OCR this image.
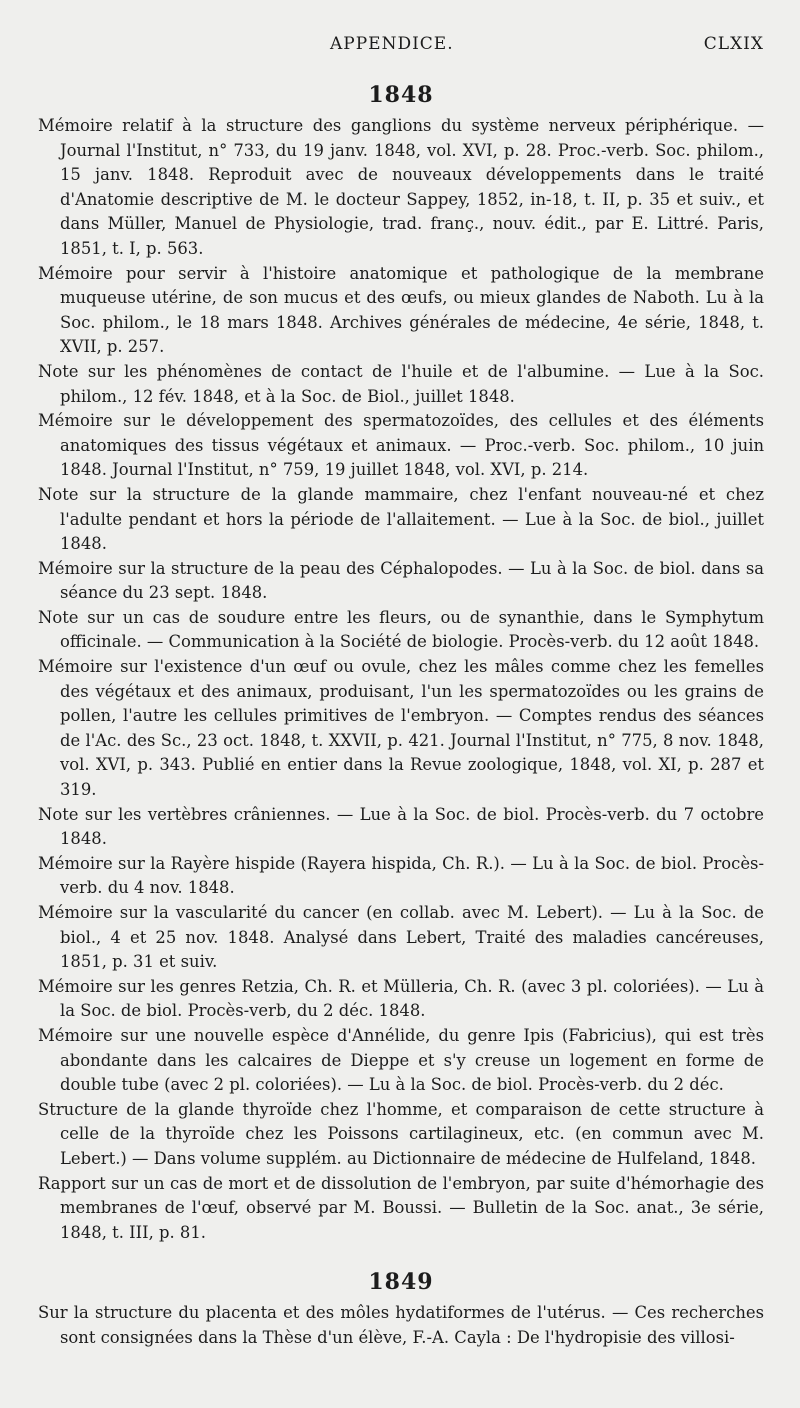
APPENDICE.	CLXIX
1848

Mémoire relatif à la structure des ganglions du système nerveux périphérique. — Journal l'Institut, n° 733, du 19 janv. 1848, vol. XVI, p. 28. Proc.-verb. Soc. philom., 15 janv. 1848. Reproduit avec de nouveaux développements dans le traité d'Anatomie descriptive de M. le docteur Sappey, 1852, in-18, t. II, p. 35 et suiv., et dans Müller, Manuel de Physiologie, trad. franç., nouv. édit., par E. Littré. Paris, 1851, t. I, p. 563.

Mémoire pour servir à l'histoire anatomique et pathologique de la membrane muqueuse utérine, de son mucus et des œufs, ou mieux glandes de Naboth. Lu à la Soc. philom., le 18 mars 1848. Archives générales de médecine, 4e série, 1848, t. XVII, p. 257.

Note sur les phénomènes de contact de l'huile et de l'albumine. — Lue à la Soc. philom., 12 fév. 1848, et à la Soc. de Biol., juillet 1848.

Mémoire sur le développement des spermatozoïdes, des cellules et des éléments anatomiques des tissus végétaux et animaux. — Proc.-verb. Soc. philom., 10 juin 1848. Journal l'Institut, n° 759, 19 juillet 1848, vol. XVI, p. 214.

Note sur la structure de la glande mammaire, chez l'enfant nouveau-né et chez l'adulte pendant et hors la période de l'allaitement. — Lue à la Soc. de biol., juillet 1848.

Mémoire sur la structure de la peau des Céphalopodes. — Lu à la Soc. de biol. dans sa séance du 23 sept. 1848.

Note sur un cas de soudure entre les fleurs, ou de synanthie, dans le Symphytum officinale. — Communication à la Société de biologie. Procès-verb. du 12 août 1848.

Mémoire sur l'existence d'un œuf ou ovule, chez les mâles comme chez les femelles des végétaux et des animaux, produisant, l'un les spermatozoïdes ou les grains de pollen, l'autre les cellules primitives de l'embryon. — Comptes rendus des séances de l'Ac. des Sc., 23 oct. 1848, t. XXVII, p. 421. Journal l'Institut, n° 775, 8 nov. 1848, vol. XVI, p. 343. Publié en entier dans la Revue zoologique, 1848, vol. XI, p. 287 et 319.

Note sur les vertèbres crâniennes. — Lue à la Soc. de biol. Procès-verb. du 7 octobre 1848.

Mémoire sur la Rayère hispide (Rayera hispida, Ch. R.). — Lu à la Soc. de biol. Procès-verb. du 4 nov. 1848.

Mémoire sur la vascularité du cancer (en collab. avec M. Lebert). — Lu à la Soc. de biol., 4 et 25 nov. 1848. Analysé dans Lebert, Traité des maladies cancéreuses, 1851, p. 31 et suiv.

Mémoire sur les genres Retzia, Ch. R. et Mülleria, Ch. R. (avec 3 pl. coloriées). — Lu à la Soc. de biol. Procès-verb, du 2 déc. 1848.

Mémoire sur une nouvelle espèce d'Annélide, du genre Ipis (Fabricius), qui est très abondante dans les calcaires de Dieppe et s'y creuse un logement en forme de double tube (avec 2 pl. coloriées). — Lu à la Soc. de biol. Procès-verb. du 2 déc.

Structure de la glande thyroïde chez l'homme, et comparaison de cette structure à celle de la thyroïde chez les Poissons cartilagineux, etc. (en commun avec M. Lebert.) — Dans volume supplém. au Dictionnaire de médecine de Hulfeland, 1848.

Rapport sur un cas de mort et de dissolution de l'embryon, par suite d'hémorhagie des membranes de l'œuf, observé par M. Boussi. — Bulletin de la Soc. anat., 3e série, 1848, t. III, p. 81.

1849

Sur la structure du placenta et des môles hydatiformes de l'utérus. — Ces recherches sont consignées dans la Thèse d'un élève, F.-A. Cayla : De l'hydropisie des villosi-
